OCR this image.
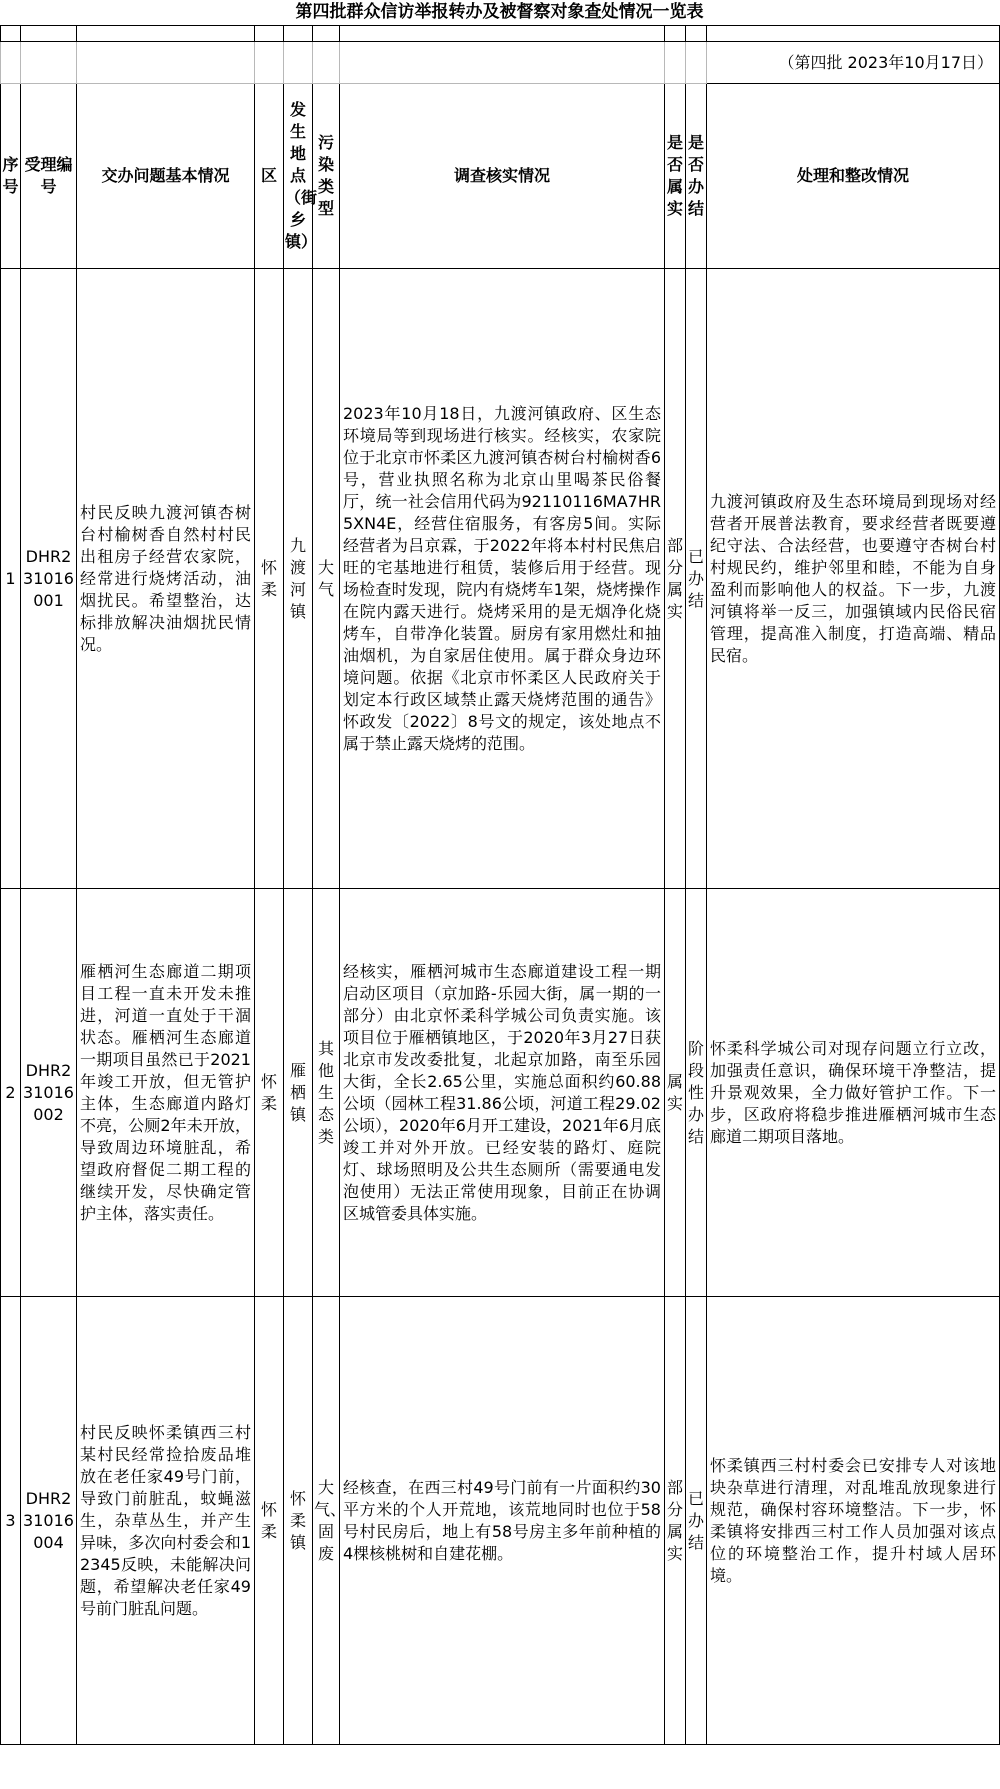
第四批群众信访举报转办及被督察对象查处情况一览表

									（第四批 2023年10月17日）
序号	受理编号	交办问题基本情况	区	发生地点（街乡镇）	污染类型	调查核实情况	是否属实	是否办结	处理和整改情况
1	DHR231016001	村民反映九渡河镇杏树台村榆树香自然村村民出租房子经营农家院，经常进行烧烤活动，油烟扰民。希望整治，达标排放解决油烟扰民情况。	怀柔	九渡河镇	大气	2023年10月18日，九渡河镇政府、区生态环境局等到现场进行核实。经核实，农家院位于北京市怀柔区九渡河镇杏树台村榆树香6号，营业执照名称为北京山里喝茶民俗餐厅，统一社会信用代码为92110116MA7HR5XN4E，经营住宿服务，有客房5间。实际经营者为吕京霖，于2022年将本村村民焦启旺的宅基地进行租赁，装修后用于经营。现场检查时发现，院内有烧烤车1架，烧烤操作在院内露天进行。烧烤采用的是无烟净化烧烤车，自带净化装置。厨房有家用燃灶和抽油烟机，为自家居住使用。属于群众身边环境问题。依据《北京市怀柔区人民政府关于划定本行政区域禁止露天烧烤范围的通告》怀政发〔2022〕8号文的规定，该处地点不属于禁止露天烧烤的范围。	部分属实	已办结	九渡河镇政府及生态环境局到现场对经营者开展普法教育，要求经营者既要遵纪守法、合法经营，也要遵守杏树台村村规民约，维护邻里和睦，不能为自身盈利而影响他人的权益。下一步，九渡河镇将举一反三，加强镇域内民俗民宿管理，提高准入制度，打造高端、精品民宿。
2	DHR231016002	雁栖河生态廊道二期项目工程一直未开发未推进，河道一直处于干涸状态。雁栖河生态廊道一期项目虽然已于2021年竣工开放，但无管护主体，生态廊道内路灯不亮，公厕2年未开放，导致周边环境脏乱，希望政府督促二期工程的继续开发，尽快确定管护主体，落实责任。	怀柔	雁栖镇	其他生态类	经核实，雁栖河城市生态廊道建设工程一期启动区项目（京加路-乐园大街，属一期的一部分）由北京怀柔科学城公司负责实施。该项目位于雁栖镇地区，于2020年3月27日获北京市发改委批复，北起京加路，南至乐园大街，全长2.65公里，实施总面积约60.88公顷（园林工程31.86公顷，河道工程29.02公顷），2020年6月开工建设，2021年6月底竣工并对外开放。已经安装的路灯、庭院灯、球场照明及公共生态厕所（需要通电发泡使用）无法正常使用现象，目前正在协调区城管委具体实施。	属实	阶段性办结	怀柔科学城公司对现存问题立行立改，加强责任意识，确保环境干净整洁，提升景观效果，全力做好管护工作。下一步，区政府将稳步推进雁栖河城市生态廊道二期项目落地。
3	DHR231016004	村民反映怀柔镇西三村某村民经常捡拾废品堆放在老任家49号门前，导致门前脏乱，蚊蝇滋生，杂草丛生，并产生异味，多次向村委会和12345反映，未能解决问题，希望解决老任家49号前门脏乱问题。	怀柔	怀柔镇	大气、固废	经核查，在西三村49号门前有一片面积约30平方米的个人开荒地，该荒地同时也位于58号村民房后，地上有58号房主多年前种植的4棵核桃树和自建花棚。	部分属实	已办结	怀柔镇西三村村委会已安排专人对该地块杂草进行清理，对乱堆乱放现象进行规范，确保村容环境整洁。下一步，怀柔镇将安排西三村工作人员加强对该点位的环境整治工作，提升村域人居环境。
